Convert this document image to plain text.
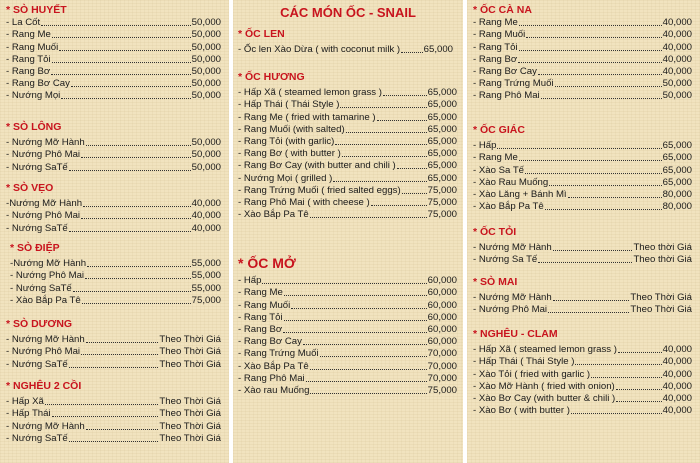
* SÒ HUYẾT
- La Cốt	50,000
- Rang Me	50,000
- Rang Muối	50,000
- Rang Tỏi	50,000
- Rang Bơ	50,000
- Rang Bơ Cay	50,000
- Nướng Mọi	50,000
* SÒ LÔNG
- Nướng Mỡ Hành	50,000
- Nướng Phô Mai	50,000
- Nướng SaTế	50,000
* SÒ VẸO
-Nướng Mỡ Hành	40,000
- Nướng Phô Mai	40,000
- Nướng SaTế	40,000
* SÒ ĐIỆP
-Nướng Mỡ Hành	55,000
- Nướng Phô Mai	55,000
- Nướng SaTế	55,000
- Xào Bắp Pa Tê	75,000
* SÒ DƯƠNG
- Nướng Mỡ Hành	Theo Thời Giá
- Nướng Phô Mai	Theo Thời Giá
- Nướng SaTế	Theo Thời Giá
* NGHÊU 2 CỒI
- Hấp Xã	Theo Thời Giá
- Hấp Thái	Theo Thời Giá
- Nướng Mỡ Hành	Theo Thời Giá
- Nướng SaTế	Theo Thời Giá
CÁC MÓN ỐC - SNAIL
* ỐC LEN
- Ốc len Xào Dừa ( with coconut milk ) 65,000
* ỐC HƯƠNG
- Hấp Xã ( steamed lemon grass )	65,000
- Hấp Thái ( Thái Style )	65,000
- Rang Me ( fried with tamarine )	65,000
- Rang Muối (with salted)	65,000
- Rang Tỏi (with garlic)	65,000
- Rang Bơ ( with butter )	65,000
- Rang Bơ Cay (with butter and chili )	65,000
- Nướng Mọi ( grilled )	65,000
- Rang Trứng Muối ( fried salted eggs)	75,000
- Rang Phô Mai ( with cheese )	75,000
- Xào Bắp Pa Tê	75,000
* ỐC MỞ
- Hấp	60,000
- Rang Me	60,000
- Rang Muối	60,000
- Rang Tỏi	60,000
- Rang Bơ	60,000
- Rang Bơ Cay	60,000
- Rang Trứng Muối	70,000
- Xào Bắp Pa Tê	70,000
- Rang Phô Mai	70,000
- Xào rau Muống	75,000
* ỐC CÀ NA
- Rang Me	40,000
- Rang Muối	40,000
- Rang Tỏi	40,000
- Rang Bơ	40,000
- Rang Bơ Cay	40,000
- Rang Trứng Muối	50,000
- Rang Phô Mai	50,000
* ỐC GIÁC
- Hấp	65,000
- Rang Me	65,000
- Xào Sa Tế	65,000
- Xào Rau Muống	65,000
- Xào Lăng + Bánh Mì	80,000
- Xào Bắp Pa Tê	80,000
* ỐC TỎI
- Nướng Mỡ Hành	Theo thời Giá
- Nướng Sa Tế	Theo thời Giá
* SÒ MAI
- Nướng Mỡ Hành	Theo Thời Giá
- Nướng Phô Mai	Theo Thời Giá
* NGHÊU - CLAM
- Hấp Xã ( steamed lemon grass )	40,000
- Hấp Thái ( Thái Style )	40,000
- Xào Tỏi ( fried with garlic )	40,000
- Xào Mỡ Hành ( fried with onion)	40,000
- Xào Bơ Cay (with butter & chili )	40,000
- Xào Bơ ( with butter )	40,000
